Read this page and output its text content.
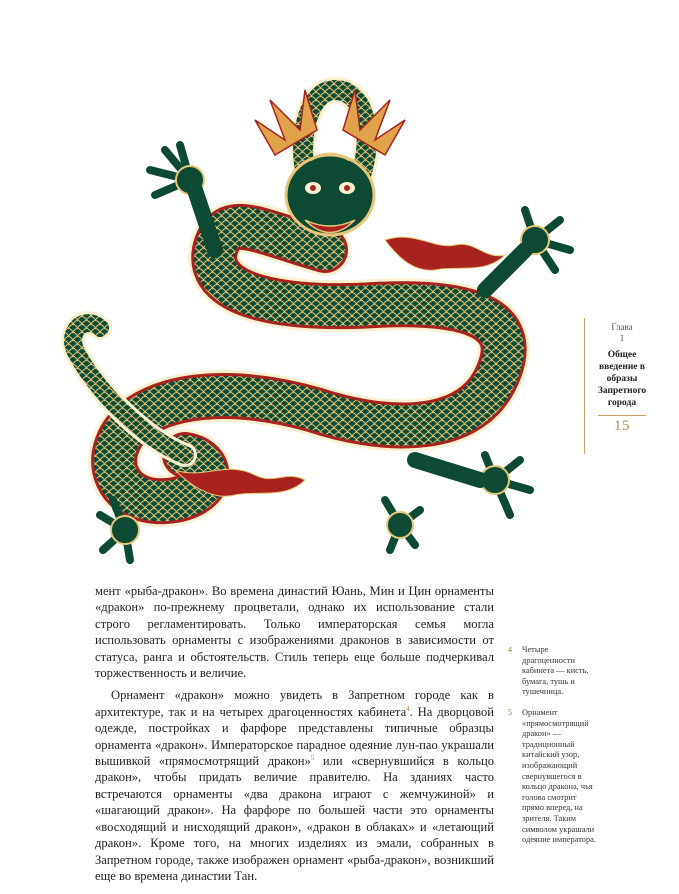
Глава
1
Общее введение в образы Запретного города
15

мент «рыба-дракон». Во времена династий Юань, Мин и Цин орнаменты «дракон» по-прежнему процветали, однако их использование стали строго регламентировать. Только императорская семья могла использовать орнаменты с изображениями драконов в зависимости от статуса, ранга и обстоятельств. Стиль теперь еще больше подчеркивал торжественность и величие.

Орнамент «дракон» можно увидеть в Запретном городе как в архитектуре, так и на четырех драгоценностях кабинета$^4$. На дворцовой одежде, постройках и фарфоре представлены типичные образцы орнамента «дракон». Императорское парадное одеяние лун-пао украшали вышивкой «прямосмотрящий дракон»$^5$ или «свернувшийся в кольцо дракон», чтобы придать величие правителю. На зданиях часто встречаются орнаменты «два дракона играют с жемчужиной» и «шагающий дракон». На фарфоре по большей части это орнаменты «восходящий и нисходящий дракон», «дракон в облаках» и «летающий дракон». Кроме того, на многих изделиях из эмали, собранных в Запретном городе, также изображен орнамент «рыба-дракон», возникший еще во времена династии Тан.

4 Четыре драгоценности кабинета — кисть, бумага, тушь и тушечница.
5 Орнамент «прямосмотрящий дракон» — традиционный китайский узор, изображающий свернувшегося в кольцо дракона, чья голова смотрит прямо вперед, на зрителя. Таким символом украшали одеяние императора.
